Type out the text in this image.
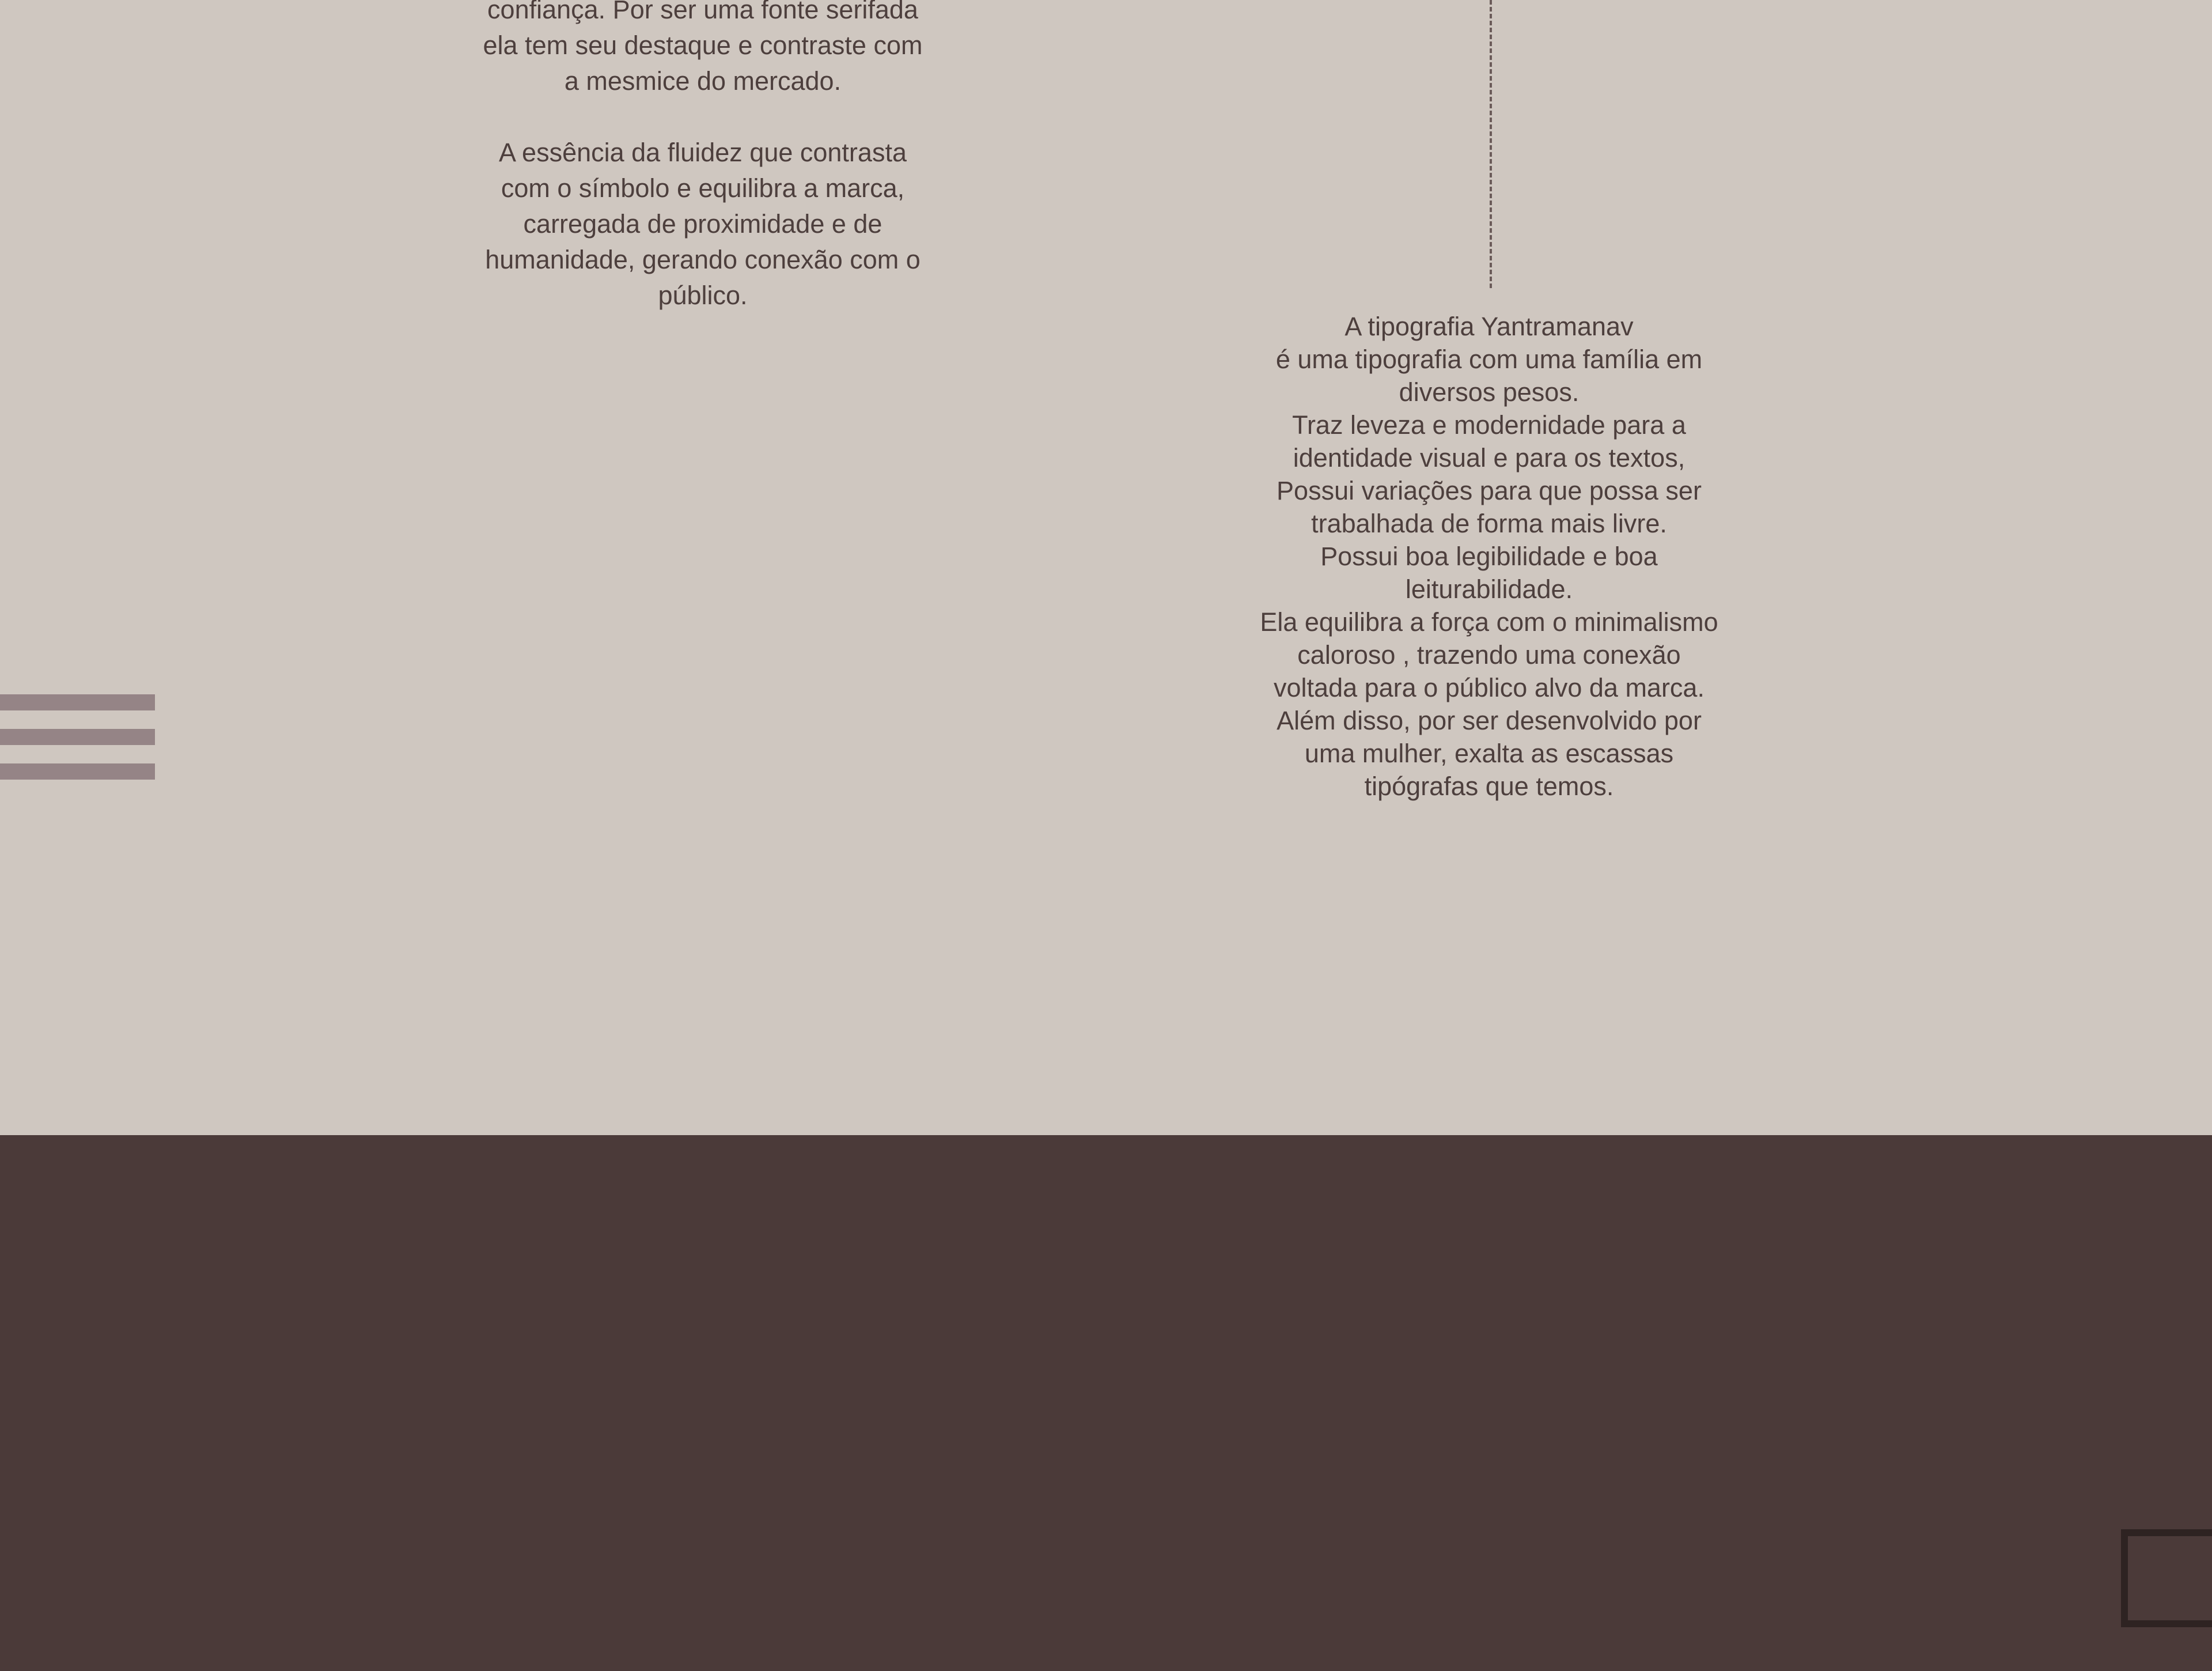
confiança. Por ser uma fonte serifada
ela tem seu destaque e contraste com
a mesmice do mercado.

A essência da fluidez que contrasta
com o símbolo e equilibra a marca,
carregada de proximidade e de
humanidade, gerando conexão com o
público.

A tipografia Yantramanav
é uma tipografia com uma família em
diversos pesos.
Traz leveza e modernidade para a
identidade visual e para os textos,
Possui variações para que possa ser
trabalhada de forma mais livre.
Possui boa legibilidade e boa
leiturabilidade.
Ela equilibra a força com o minimalismo
caloroso , trazendo uma conexão
voltada para o público alvo da marca.
Além disso, por ser desenvolvido por
uma mulher, exalta as escassas
tipógrafas que temos.
